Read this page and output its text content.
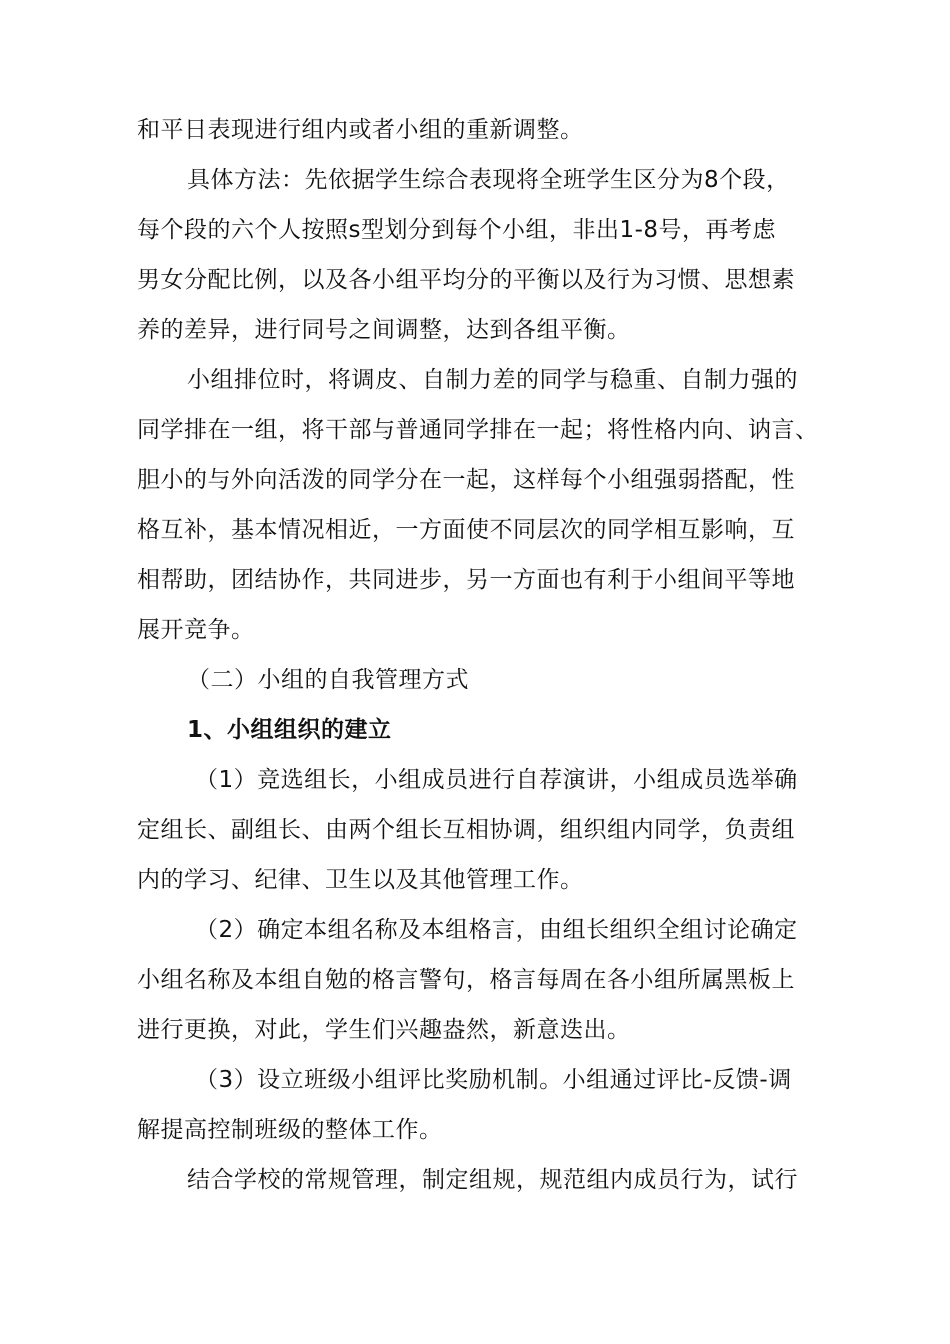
和平日表现进行组内或者小组的重新调整。
具体方法：先依据学生综合表现将全班学生区分为8个段，
每个段的六个人按照s型划分到每个小组，非出1-8号，再考虑
男女分配比例，以及各小组平均分的平衡以及行为习惯、思想素
养的差异，进行同号之间调整，达到各组平衡。
小组排位时，将调皮、自制力差的同学与稳重、自制力强的
同学排在一组，将干部与普通同学排在一起；将性格内向、讷言、
胆小的与外向活泼的同学分在一起，这样每个小组强弱搭配，性
格互补，基本情况相近，一方面使不同层次的同学相互影响，互
相帮助，团结协作，共同进步，另一方面也有利于小组间平等地
展开竞争。
（二）小组的自我管理方式
1、小组组织的建立
（1）竞选组长，小组成员进行自荐演讲，小组成员选举确
定组长、副组长、由两个组长互相协调，组织组内同学，负责组
内的学习、纪律、卫生以及其他管理工作。
（2）确定本组名称及本组格言，由组长组织全组讨论确定
小组名称及本组自勉的格言警句，格言每周在各小组所属黑板上
进行更换，对此，学生们兴趣盎然，新意迭出。
（3）设立班级小组评比奖励机制。小组通过评比-反馈-调
解提高控制班级的整体工作。
结合学校的常规管理，制定组规，规范组内成员行为，试行
